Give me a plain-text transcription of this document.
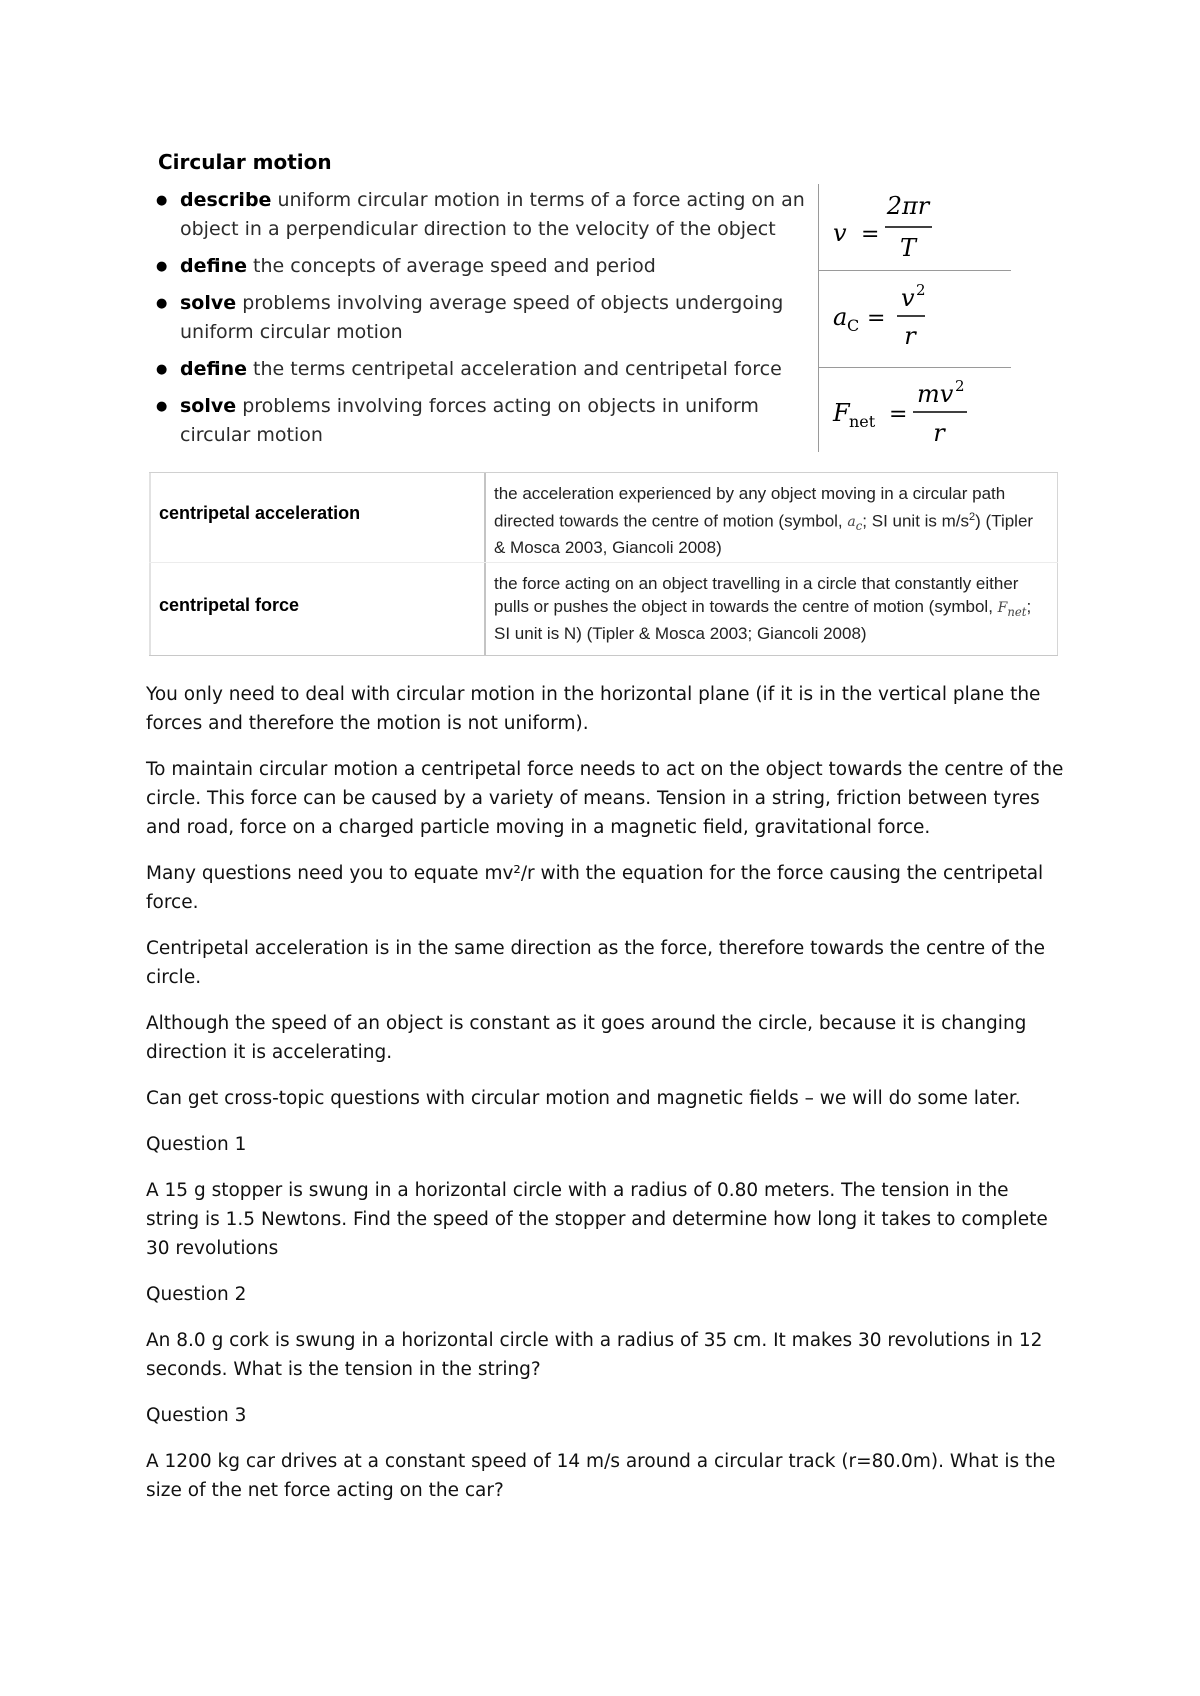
Circular motion
● describe uniform circular motion in terms of a force acting on an object in a perpendicular direction to the velocity of the object
● define the concepts of average speed and period
● solve problems involving average speed of objects undergoing uniform circular motion
● define the terms centripetal acceleration and centripetal force
● solve problems involving forces acting on objects in uniform circular motion
v =
2πr
T
a C =
v 2
r
F net =
mv 2
r
centripetal acceleration
the acceleration experienced by any object moving in a circular path directed towards the centre of motion (symbol, $a_c$; SI unit is $m/s^2$) (Tipler & Mosca 2003, Giancoli 2008)
centripetal force
the force acting on an object travelling in a circle that constantly either pulls or pushes the object in towards the centre of motion (symbol, $F_{net}$; SI unit is N) (Tipler & Mosca 2003; Giancoli 2008)

You only need to deal with circular motion in the horizontal plane (if it is in the vertical plane the forces and therefore the motion is not uniform).

To maintain circular motion a centripetal force needs to act on the object towards the centre of the circle. This force can be caused by a variety of means. Tension in a string, friction between tyres and road, force on a charged particle moving in a magnetic field, gravitational force.

Many questions need you to equate mv²/r with the equation for the force causing the centripetal force.

Centripetal acceleration is in the same direction as the force, therefore towards the centre of the circle.

Although the speed of an object is constant as it goes around the circle, because it is changing direction it is accelerating.

Can get cross-topic questions with circular motion and magnetic fields – we will do some later.

Question 1

A 15 g stopper is swung in a horizontal circle with a radius of 0.80 meters. The tension in the string is 1.5 Newtons. Find the speed of the stopper and determine how long it takes to complete 30 revolutions

Question 2

An 8.0 g cork is swung in a horizontal circle with a radius of 35 cm. It makes 30 revolutions in 12 seconds. What is the tension in the string?

Question 3

A 1200 kg car drives at a constant speed of 14 m/s around a circular track (r=80.0m). What is the size of the net force acting on the car?
